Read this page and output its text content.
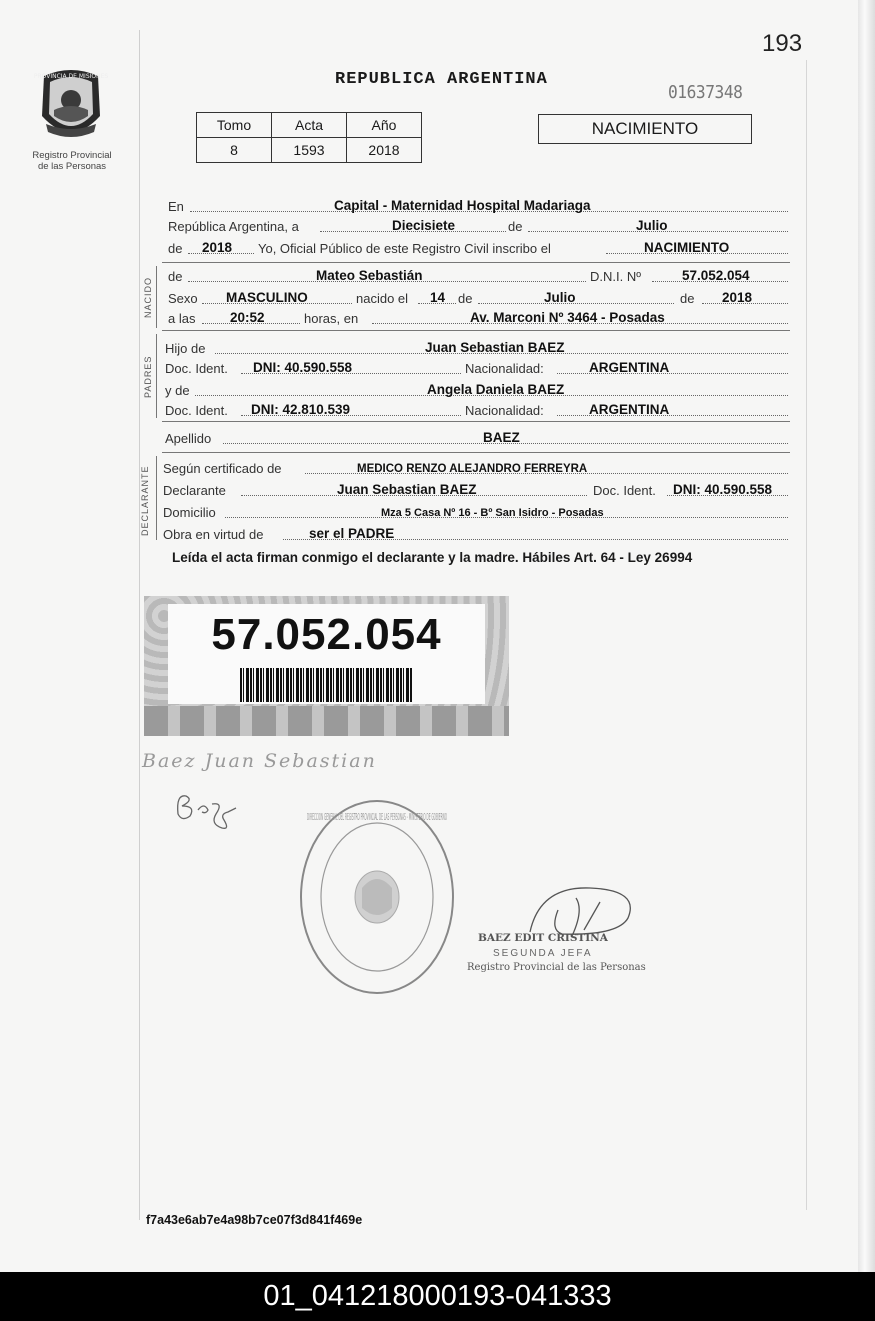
193
PROVINCIA DE MISIONES
Registro Provincial
de las Personas
REPUBLICA ARGENTINA
01637348
Tomo	Acta	Año
8	1593	2018
NACIMIENTO
En	Capital - Maternidad Hospital Madariaga
República Argentina, a	Diecisiete	de	Julio
de 2018 Yo, Oficial Público de este Registro Civil inscribo el	NACIMIENTO
NACIDO
de	Mateo Sebastián	D.N.I. Nº	57.052.054
Sexo MASCULINO	nacido el 14 de	Julio	de 2018
a las	20:52	horas, en	Av. Marconi Nº 3464 - Posadas
PADRES
Hijo de	Juan Sebastian BAEZ
Doc. Ident. DNI: 40.590.558	Nacionalidad:	ARGENTINA
y de	Angela Daniela BAEZ
Doc. Ident. DNI: 42.810.539	Nacionalidad:	ARGENTINA
Apellido	BAEZ
DECLARANTE Según certificado de	MEDICO RENZO ALEJANDRO FERREYRA
Declarante	Juan Sebastian BAEZ	Doc. Ident. DNI: 40.590.558
Domicilio	Mza 5 Casa Nº 16 - Bº San Isidro - Posadas
Obra en virtud de	ser el PADRE
Leída el acta firman conmigo el declarante y la madre. Hábiles Art. 64 - Ley 26994
57.052.054
Baez Juan Sebastian
DIRECCION GENERAL DEL REGISTRO PROVINCIAL DE LAS PERSONAS - MINISTERIO DE GOBIERNO
BAEZ EDIT CRISTINA
SEGUNDA JEFA
Registro Provincial de las Personas
f7a43e6ab7e4a98b7ce07f3d841f469e
01_041218000193-041333
